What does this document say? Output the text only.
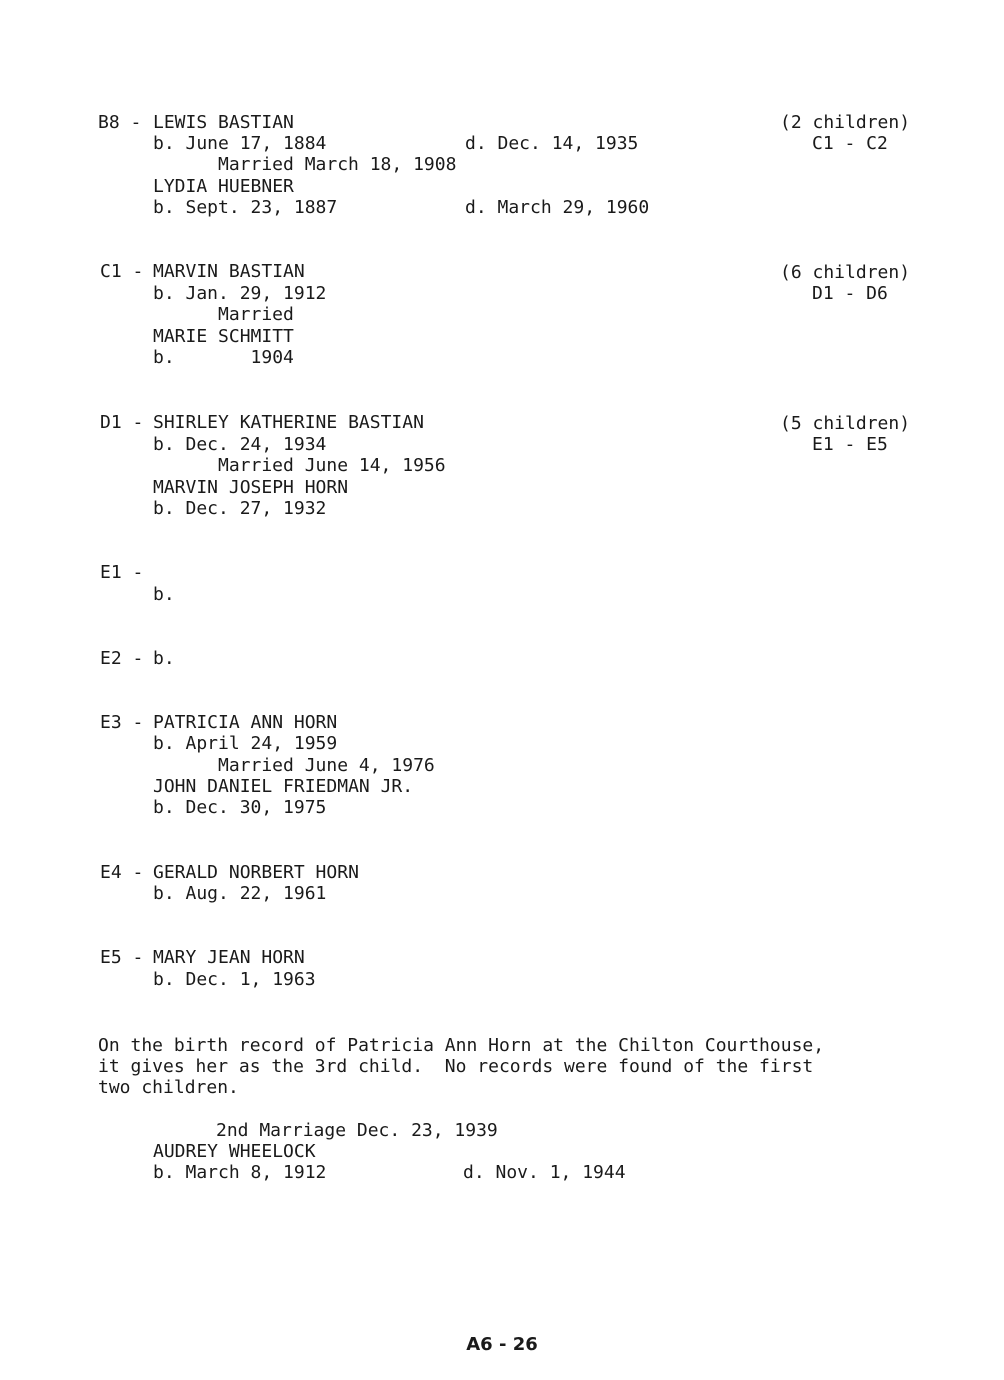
B8 - LEWIS BASTIAN	(2 children)
b. June 17, 1884	d. Dec. 14, 1935	C1 - C2
Married March 18, 1908
LYDIA HUEBNER
b. Sept. 23, 1887	d. March 29, 1960
C1 - MARVIN BASTIAN	(6 children)
b. Jan. 29, 1912	D1 - D6
Married
MARIE SCHMITT
b.       1904
D1 - SHIRLEY KATHERINE BASTIAN	(5 children)
b. Dec. 24, 1934	E1 - E5
Married June 14, 1956
MARVIN JOSEPH HORN
b. Dec. 27, 1932
E1 -
b.
E2 - b.
E3 - PATRICIA ANN HORN
b. April 24, 1959
Married June 4, 1976
JOHN DANIEL FRIEDMAN JR.
b. Dec. 30, 1975
E4 - GERALD NORBERT HORN
b. Aug. 22, 1961
E5 - MARY JEAN HORN
b. Dec. 1, 1963
On the birth record of Patricia Ann Horn at the Chilton Courthouse,
it gives her as the 3rd child.  No records were found of the first
two children.
2nd Marriage Dec. 23, 1939
AUDREY WHEELOCK
b. March 8, 1912	d. Nov. 1, 1944
A6 - 26
